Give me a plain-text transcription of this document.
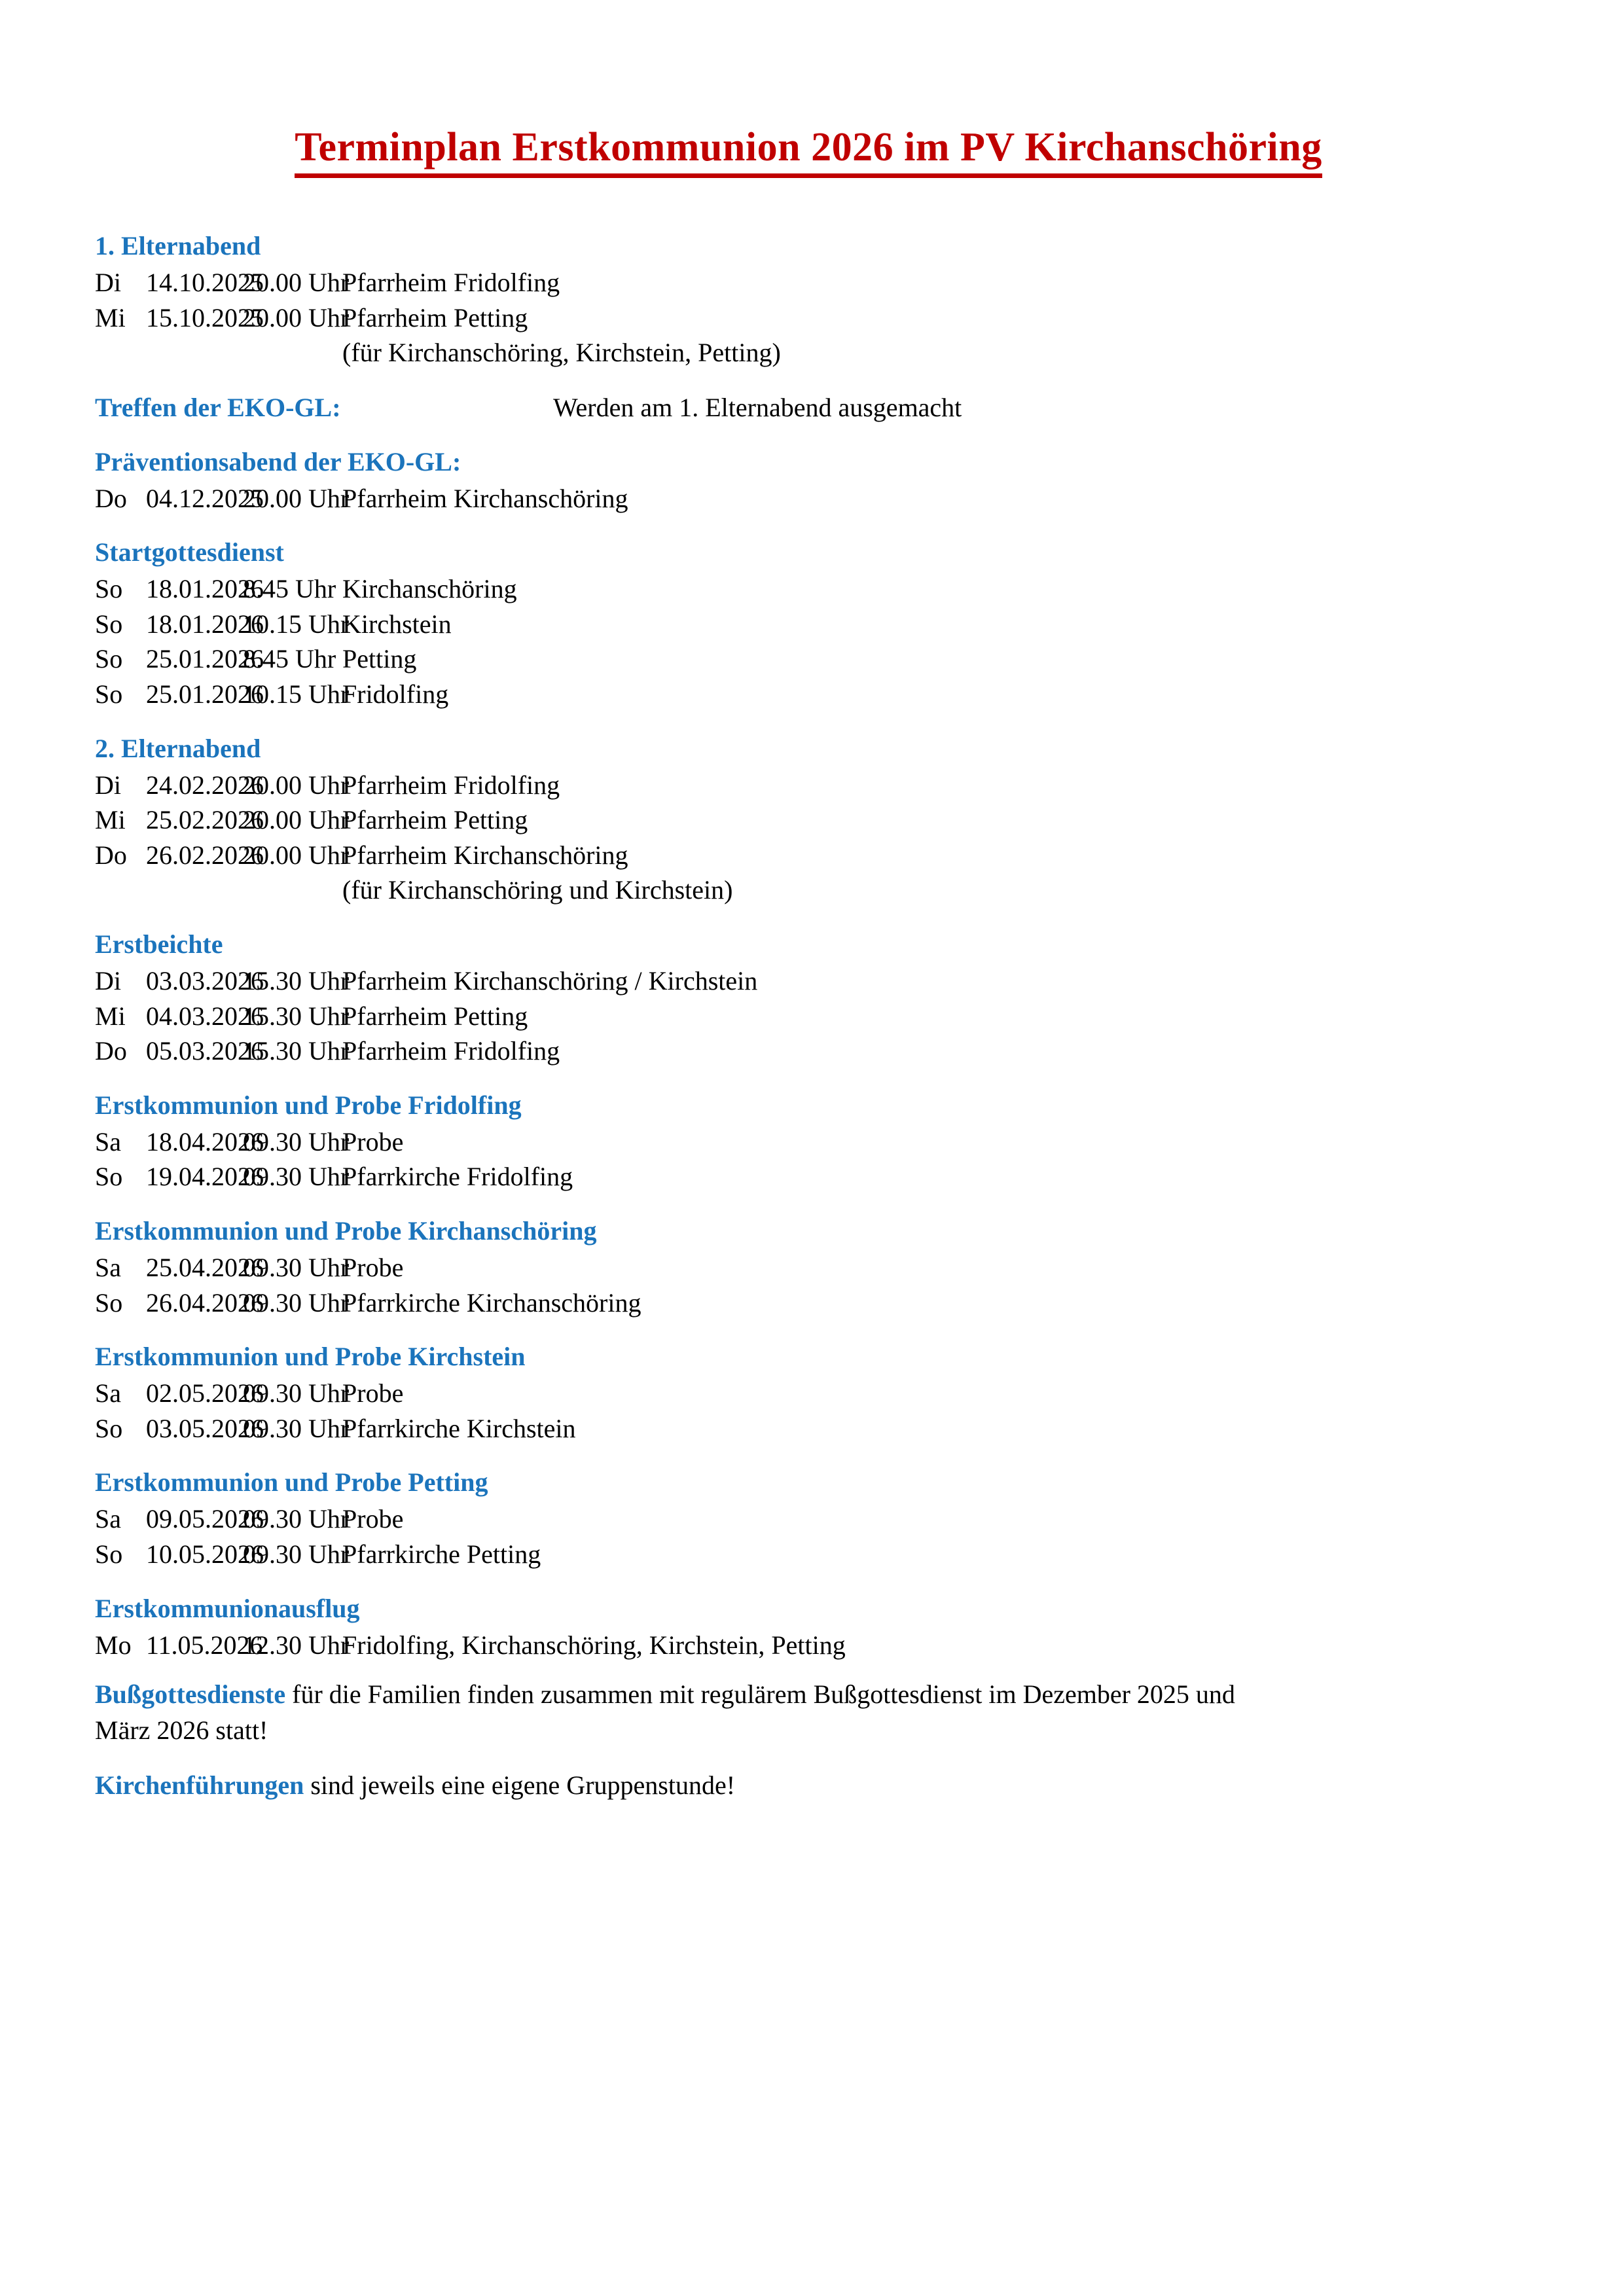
Terminplan Erstkommunion 2026 im PV Kirchanschöring
1. Elternabend
Di 14.10.2025
20.00 Uhr
Pfarrheim Fridolfing
Mi 15.10.2025
20.00 Uhr
Pfarrheim Petting
(für Kirchanschöring, Kirchstein, Petting)
Treffen der EKO-GL:	Werden am 1. Elternabend ausgemacht
Präventionsabend der EKO-GL:
Do 04.12.2025
20.00 Uhr
Pfarrheim Kirchanschöring
Startgottesdienst
So 18.01.2026
8.45 Uhr Kirchanschöring
So 18.01.2026
10.15 Uhr
Kirchstein
So 25.01.2026
8.45 Uhr Petting
So 25.01.2026
10.15 Uhr
Fridolfing
2. Elternabend
Di 24.02.2026
20.00 Uhr
Pfarrheim Fridolfing
Mi 25.02.2026
20.00 Uhr
Pfarrheim Petting
Do 26.02.2026
20.00 Uhr
Pfarrheim Kirchanschöring
(für Kirchanschöring und Kirchstein)
Erstbeichte
Di 03.03.2026
15.30 Uhr
Pfarrheim Kirchanschöring / Kirchstein
Mi 04.03.2026
15.30 Uhr
Pfarrheim Petting
Do 05.03.2026
15.30 Uhr
Pfarrheim Fridolfing
Erstkommunion und Probe Fridolfing
Sa 18.04.2026
09.30 Uhr
Probe
So 19.04.2026
09.30 Uhr
Pfarrkirche Fridolfing
Erstkommunion und Probe Kirchanschöring
Sa 25.04.2026
09.30 Uhr
Probe
So 26.04.2026
09.30 Uhr
Pfarrkirche Kirchanschöring
Erstkommunion und Probe Kirchstein
Sa 02.05.2026
09.30 Uhr
Probe
So 03.05.2026
09.30 Uhr
Pfarrkirche Kirchstein
Erstkommunion und Probe Petting
Sa 09.05.2026
09.30 Uhr
Probe
So 10.05.2026
09.30 Uhr
Pfarrkirche Petting
Erstkommunionausflug
Mo 11.05.2026
12.30 Uhr
Fridolfing, Kirchanschöring, Kirchstein, Petting

Bußgottesdienste für die Familien finden zusammen mit regulärem Bußgottesdienst im Dezember 2025 und März 2026 statt!

Kirchenführungen sind jeweils eine eigene Gruppenstunde!
